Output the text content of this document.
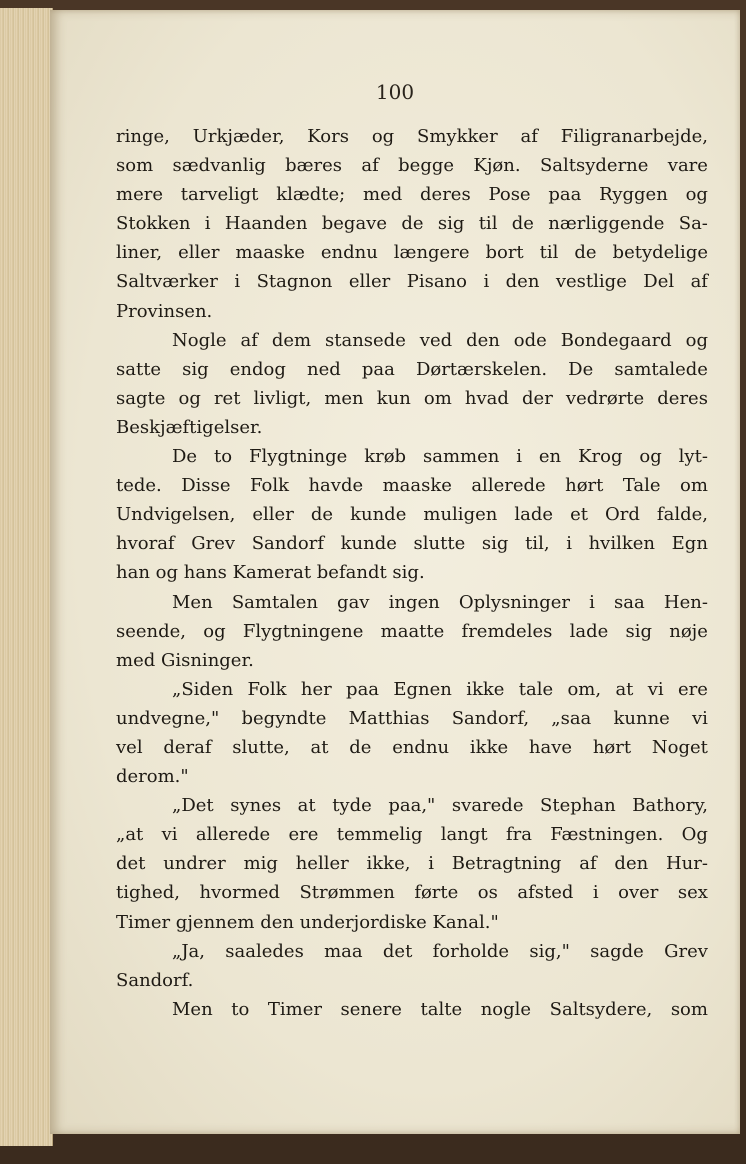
100
ringe, Urkjæder, Kors og Smykker af Filigranarbejde,
som sædvanlig bæres af begge Kjøn. Saltsyderne vare
mere tarveligt klædte; med deres Pose paa Ryggen og
Stokken i Haanden begave de sig til de nærliggende Sa-
liner, eller maaske endnu længere bort til de betydelige
Saltværker i Stagnon eller Pisano i den vestlige Del af
Provinsen.
Nogle af dem stansede ved den ode Bondegaard og
satte sig endog ned paa Dørtærskelen. De samtalede
sagte og ret livligt, men kun om hvad der vedrørte deres
Beskjæftigelser.
De to Flygtninge krøb sammen i en Krog og lyt-
tede. Disse Folk havde maaske allerede hørt Tale om
Undvigelsen, eller de kunde muligen lade et Ord falde,
hvoraf Grev Sandorf kunde slutte sig til, i hvilken Egn
han og hans Kamerat befandt sig.
Men Samtalen gav ingen Oplysninger i saa Hen-
seende, og Flygtningene maatte fremdeles lade sig nøje
med Gisninger.
„Siden Folk her paa Egnen ikke tale om, at vi ere
undvegne," begyndte Matthias Sandorf, „saa kunne vi
vel deraf slutte, at de endnu ikke have hørt Noget
derom."
„Det synes at tyde paa," svarede Stephan Bathory,
„at vi allerede ere temmelig langt fra Fæstningen. Og
det undrer mig heller ikke, i Betragtning af den Hur-
tighed, hvormed Strømmen førte os afsted i over sex
Timer gjennem den underjordiske Kanal."
„Ja, saaledes maa det forholde sig," sagde Grev
Sandorf.
Men to Timer senere talte nogle Saltsydere, som
